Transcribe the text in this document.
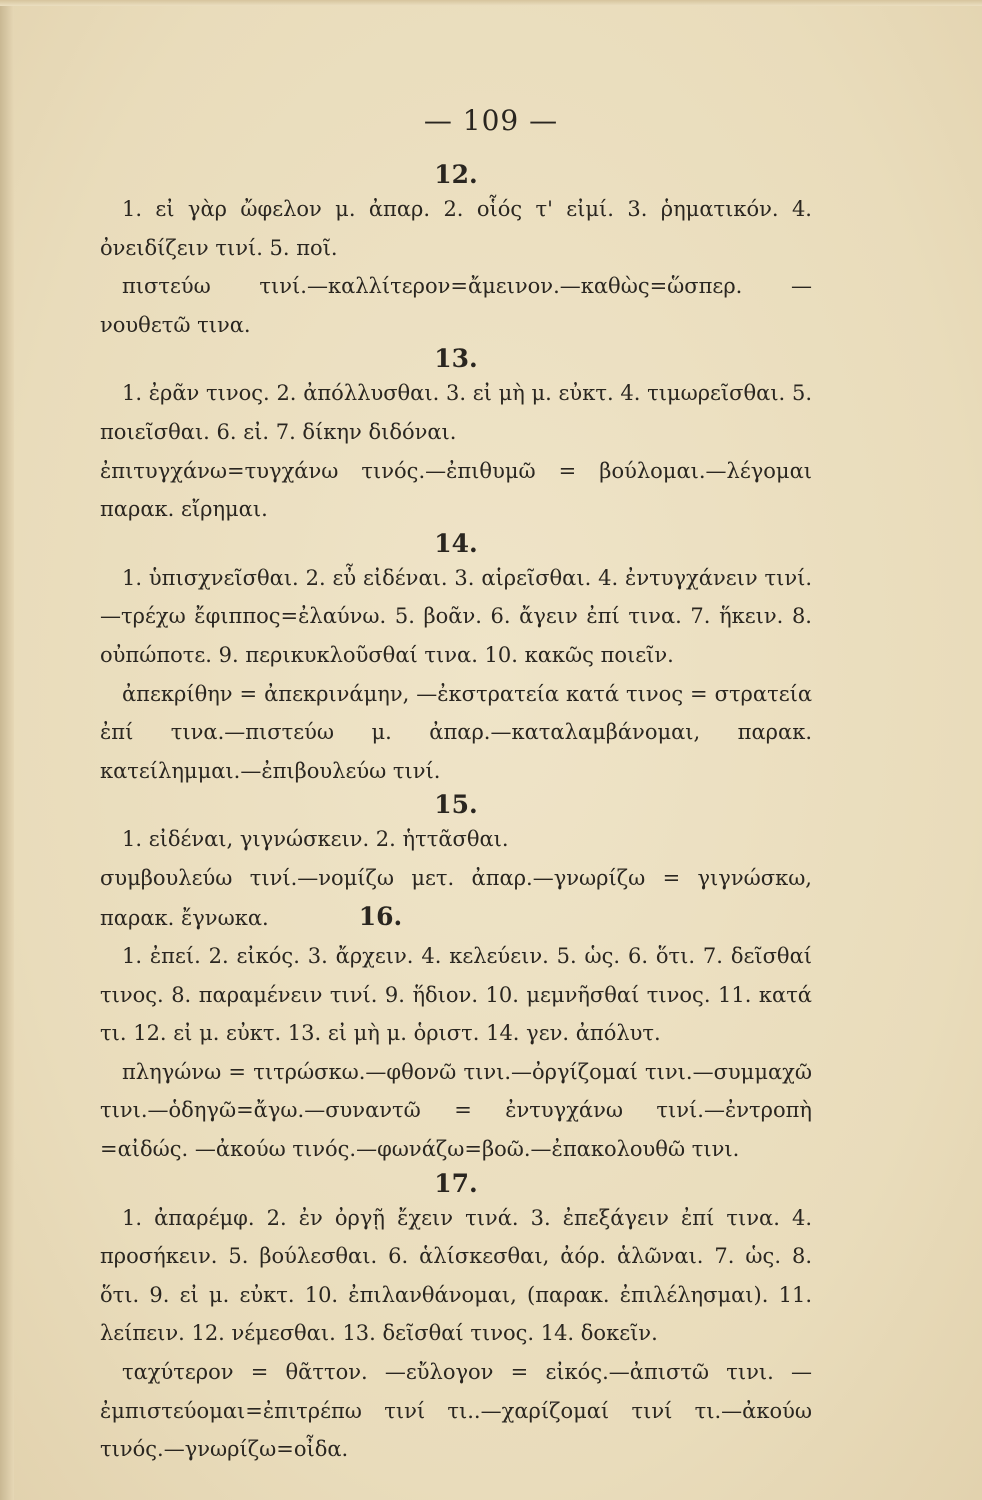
— 109 —
12.

1. εἰ γὰρ ὤφελον μ. ἀπαρ. 2. οἷός τ' εἰμί. 3. ῥηματικόν. 4. ὀνειδίζειν τινί. 5. ποῖ.

πιστεύω τινί.—καλλίτερον=ἄμεινον.—καθὼς=ὥσπερ. — νουθετῶ τινα.

13.

1. ἐρᾶν τινος. 2. ἀπόλλυσθαι. 3. εἰ μὴ μ. εὐκτ. 4. τιμωρεῖσθαι. 5. ποιεῖσθαι. 6. εἰ. 7. δίκην διδόναι.

ἐπιτυγχάνω=τυγχάνω τινός.—ἐπιθυμῶ = βούλομαι.—λέγομαι παρακ. εἴρημαι.

14.

1. ὑπισχνεῖσθαι. 2. εὖ εἰδέναι. 3. αἱρεῖσθαι. 4. ἐντυγχάνειν τινί.—τρέχω ἔφιππος=ἐλαύνω. 5. βοᾶν. 6. ἄγειν ἐπί τινα. 7. ἥκειν. 8. οὐπώποτε. 9. περικυκλοῦσθαί τινα. 10. κακῶς ποιεῖν.

ἀπεκρίθην = ἀπεκρινάμην, —ἐκστρατεία κατά τινος = στρατεία ἐπί τινα.—πιστεύω μ. ἀπαρ.—καταλαμβάνομαι, παρακ. κατείλημμαι.—ἐπιβουλεύω τινί.

15.

1. εἰδέναι, γιγνώσκειν. 2. ἡττᾶσθαι.

συμβουλεύω τινί.—νομίζω μετ. ἀπαρ.—γνωρίζω = γιγνώσκω, παρακ. ἔγνωκα.	16.

1. ἐπεί. 2. εἰκός. 3. ἄρχειν. 4. κελεύειν. 5. ὡς. 6. ὅτι. 7. δεῖσθαί τινος. 8. παραμένειν τινί. 9. ἥδιον. 10. μεμνῆσθαί τινος. 11. κατά τι. 12. εἰ μ. εὐκτ. 13. εἰ μὴ μ. ὁριστ. 14. γεν. ἀπόλυτ.

πληγώνω = τιτρώσκω.—φθονῶ τινι.—ὀργίζομαί τινι.—συμμαχῶ τινι.—ὁδηγῶ=ἄγω.—συναντῶ = ἐντυγχάνω τινί.—ἐντροπὴ =αἰδώς. —ἀκούω τινός.—φωνάζω=βοῶ.—ἐπακολουθῶ τινι.

17.

1. ἀπαρέμφ. 2. ἐν ὀργῇ ἔχειν τινά. 3. ἐπεξάγειν ἐπί τινα. 4. προσήκειν. 5. βούλεσθαι. 6. ἁλίσκεσθαι, ἀόρ. ἁλῶναι. 7. ὡς. 8. ὅτι. 9. εἰ μ. εὐκτ. 10. ἐπιλανθάνομαι, (παρακ. ἐπιλέλησμαι). 11. λείπειν. 12. νέμεσθαι. 13. δεῖσθαί τινος. 14. δοκεῖν.

ταχύτερον = θᾶττον. —εὔλογον = εἰκός.—ἀπιστῶ τινι. —ἐμπιστεύομαι=ἐπιτρέπω τινί τι..—χαρίζομαί τινί τι.—ἀκούω τινός.—γνωρίζω=οἶδα.
